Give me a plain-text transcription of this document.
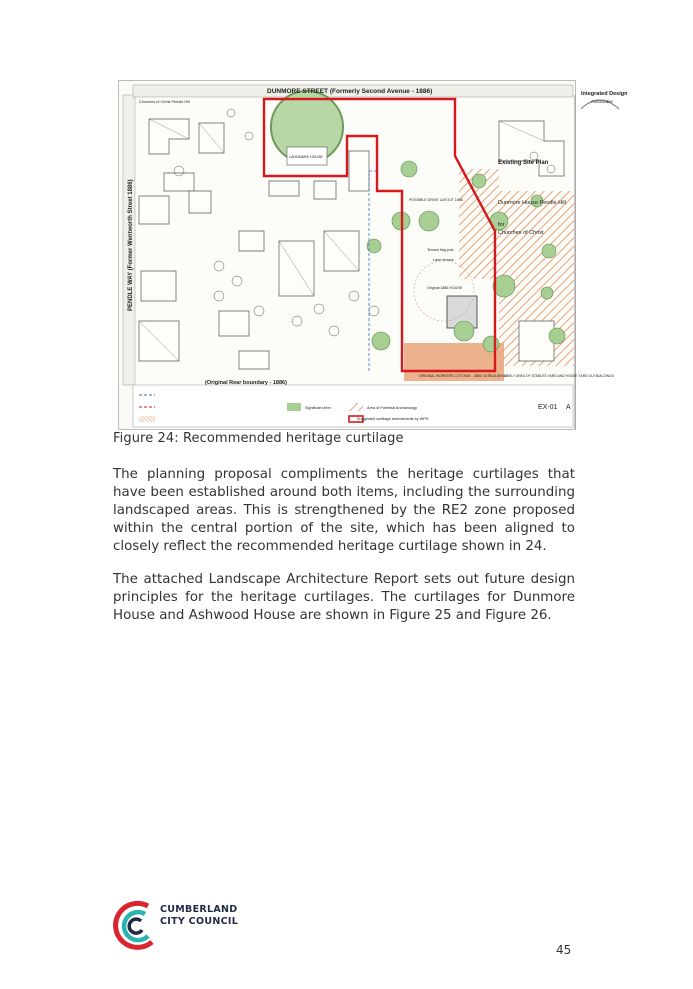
DUNMORE STREET (Formerly Second Avenue - 1886)
PENDLE WAY (Former Wentworth Street 1886)
(Original Rear boundary - 1886)
LANDMARK HOUSE
Churches of Christ Pendle Hill
POSSIBLE DRIVE LAYOUT 1886
Terrace flag pole
Lawn terrace
Original 1886 HOUSE
ORIGINAL WORKERS COTTAGE - 1886 OUTBUILDINGS
LIKELY AREA OF STABLES YARD AND HOUSE YARD OUTBUILDINGS
Integrated Design
Associates
Suggested curtilage amendments by WPH
Significant item	Area of Potential Archaeology
Existing Site Plan
Dunmore House Pendle Hill
for
Churches of Christ
EX-01 A
Figure 24: Recommended heritage curtilage
The planning proposal compliments the heritage curtilages that have been established around both items, including the surrounding landscaped areas. This is strengthened by the RE2 zone proposed within the central portion of the site, which has been aligned to closely reflect the recommended heritage curtilage shown in 24.
The attached Landscape Architecture Report sets out future design principles for the heritage curtilages. The curtilages for Dunmore House and Ashwood House are shown in Figure 25 and Figure 26.
CUMBERLAND
CITY COUNCIL
45
